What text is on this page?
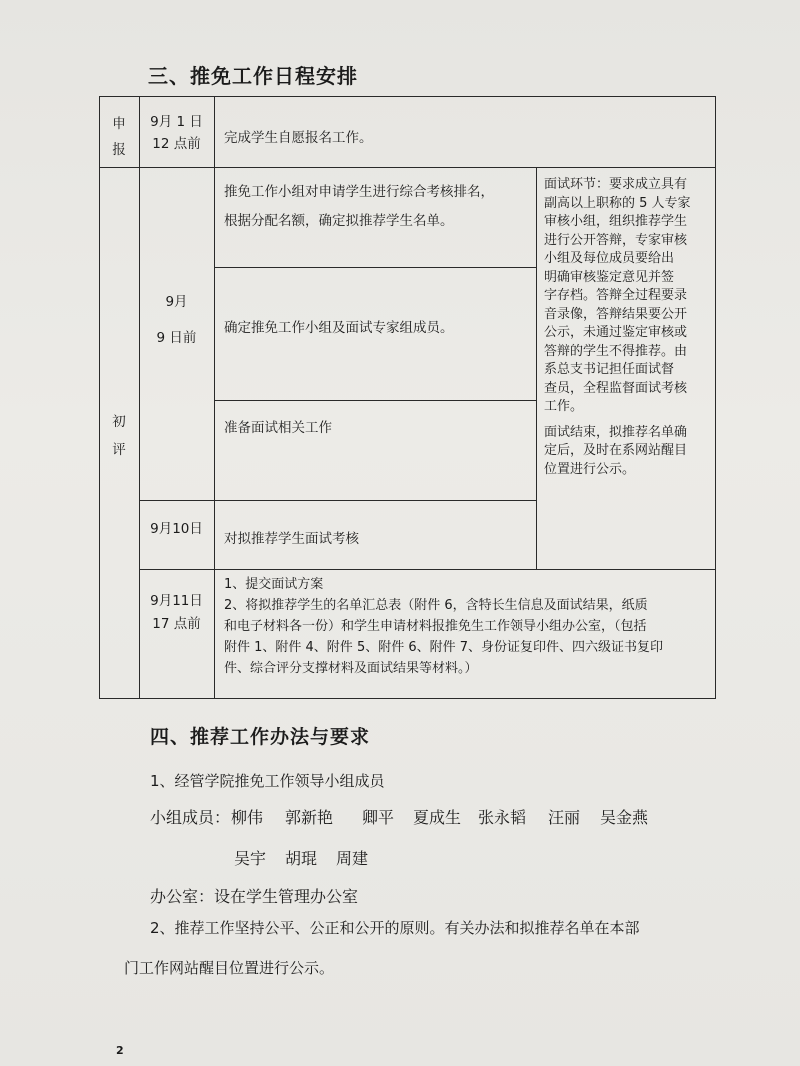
三、推免工作日程安排
申
报
9月 1 日
12 点前	完成学生自愿报名工作。
初
评
9月
9 日前
推免工作小组对申请学生进行综合考核排名，
根据分配名额，确定拟推荐学生名单。
确定推免工作小组及面试专家组成员。
准备面试相关工作
9月10日
对拟推荐学生面试考核
面试环节：要求成立具有
副高以上职称的 5 人专家
审核小组，组织推荐学生
进行公开答辩，专家审核
小组及每位成员要给出
明确审核鉴定意见并签
字存档。答辩全过程要录
音录像，答辩结果要公开
公示，未通过鉴定审核或
答辩的学生不得推荐。由
系总支书记担任面试督
查员，全程监督面试考核
工作。
面试结束，拟推荐名单确
定后，及时在系网站醒目
位置进行公示。
9月11日
17 点前
1、提交面试方案
2、将拟推荐学生的名单汇总表（附件 6，含特长生信息及面试结果，纸质
和电子材料各一份）和学生申请材料报推免生工作领导小组办公室，（包括
附件 1、附件 4、附件 5、附件 6、附件 7、身份证复印件、四六级证书复印
件、综合评分支撑材料及面试结果等材料。）
四、推荐工作办法与要求
1、经管学院推免工作领导小组成员
小组成员： 柳伟 郭新艳 卿平 夏成生 张永韬 汪丽 吴金燕
吴宇 胡琨 周建
办公室：设在学生管理办公室
2、推荐工作坚持公平、公正和公开的原则。有关办法和拟推荐名单在本部
门工作网站醒目位置进行公示。
2
